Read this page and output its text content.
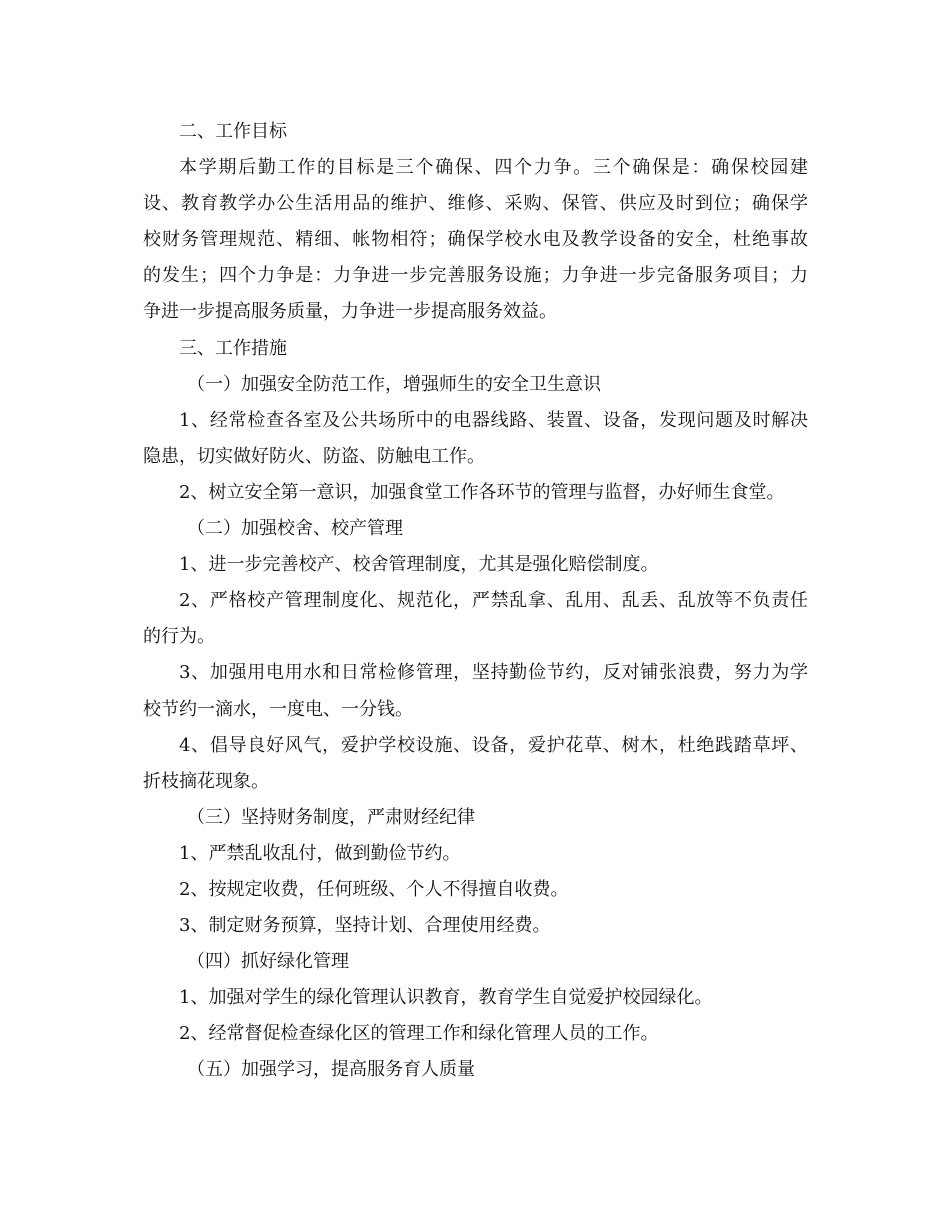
二、工作目标
本学期后勤工作的目标是三个确保、四个力争。三个确保是：确保校园建
设、教育教学办公生活用品的维护、维修、采购、保管、供应及时到位；确保学
校财务管理规范、精细、帐物相符；确保学校水电及教学设备的安全，杜绝事故
的发生；四个力争是：力争进一步完善服务设施；力争进一步完备服务项目；力
争进一步提高服务质量，力争进一步提高服务效益。
三、工作措施
（一）加强安全防范工作，增强师生的安全卫生意识
1、经常检查各室及公共场所中的电器线路、装置、设备，发现问题及时解决
隐患，切实做好防火、防盗、防触电工作。
2、树立安全第一意识，加强食堂工作各环节的管理与监督，办好师生食堂。
（二）加强校舍、校产管理
1、进一步完善校产、校舍管理制度，尤其是强化赔偿制度。
2、严格校产管理制度化、规范化，严禁乱拿、乱用、乱丢、乱放等不负责任
的行为。
3、加强用电用水和日常检修管理，坚持勤俭节约，反对铺张浪费，努力为学
校节约一滴水，一度电、一分钱。
4、倡导良好风气，爱护学校设施、设备，爱护花草、树木，杜绝践踏草坪、
折枝摘花现象。
（三）坚持财务制度，严肃财经纪律
1、严禁乱收乱付，做到勤俭节约。
2、按规定收费，任何班级、个人不得擅自收费。
3、制定财务预算，坚持计划、合理使用经费。
（四）抓好绿化管理
1、加强对学生的绿化管理认识教育，教育学生自觉爱护校园绿化。
2、经常督促检查绿化区的管理工作和绿化管理人员的工作。
（五）加强学习，提高服务育人质量
